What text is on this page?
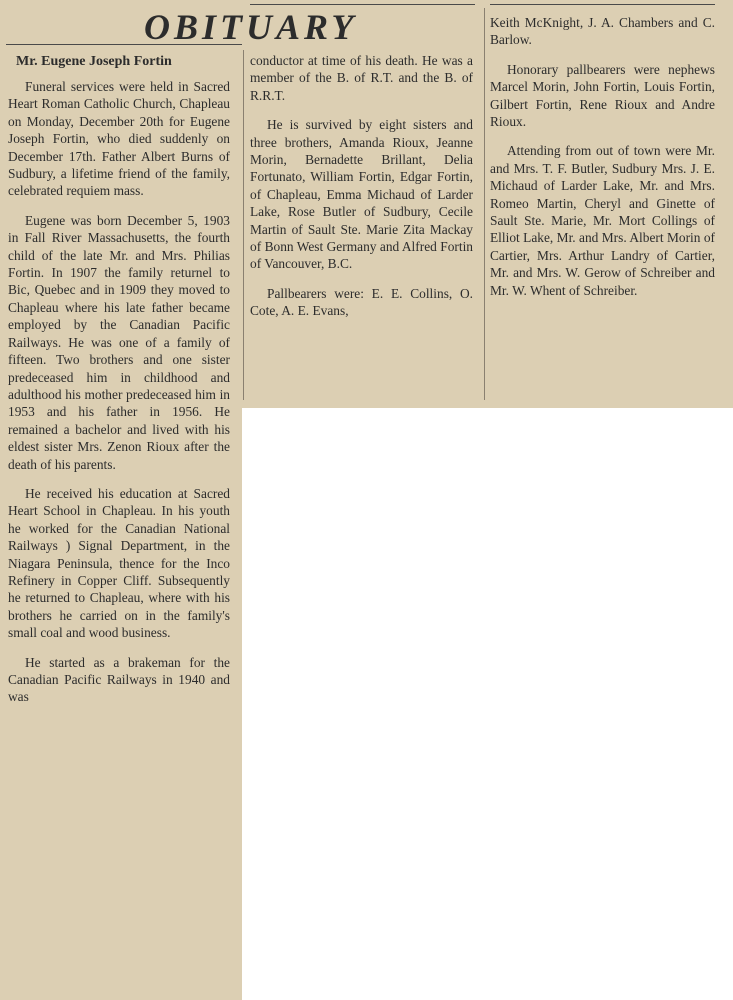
OBITUARY
Mr. Eugene Joseph Fortin

Funeral services were held in Sacred Heart Roman Catholic Church, Chapleau on Monday, December 20th for Eugene Joseph Fortin, who died suddenly on December 17th. Father Albert Burns of Sudbury, a lifetime friend of the family, celebrated requiem mass.

Eugene was born December 5, 1903 in Fall River Massachusetts, the fourth child of the late Mr. and Mrs. Philias Fortin. In 1907 the family returnel to Bic, Quebec and in 1909 they moved to Chapleau where his late father became employed by the Canadian Pacific Railways. He was one of a family of fifteen. Two brothers and one sister predeceased him in childhood and adulthood his mother predeceased him in 1953 and his father in 1956. He remained a bachelor and lived with his eldest sister Mrs. Zenon Rioux after the death of his parents.

He received his education at Sacred Heart School in Chapleau. In his youth he worked for the Canadian National Railways ) Signal Department, in the Niagara Peninsula, thence for the Inco Refinery in Copper Cliff. Subsequently he returned to Chapleau, where with his brothers he carried on in the family's small coal and wood business.

He started as a brakeman for the Canadian Pacific Railways in 1940 and was

conductor at time of his death. He was a member of the B. of R.T. and the B. of R.R.T.

He is survived by eight sisters and three brothers, Amanda Rioux, Jeanne Morin, Bernadette Brillant, Delia Fortunato, William Fortin, Edgar Fortin, of Chapleau, Emma Michaud of Larder Lake, Rose Butler of Sudbury, Cecile Martin of Sault Ste. Marie Zita Mackay of Bonn West Germany and Alfred Fortin of Vancouver, B.C.

Pallbearers were: E. E. Collins, O. Cote, A. E. Evans,

Keith McKnight, J. A. Chambers and C. Barlow.

Honorary pallbearers were nephews Marcel Morin, John Fortin, Louis Fortin, Gilbert Fortin, Rene Rioux and Andre Rioux.

Attending from out of town were Mr. and Mrs. T. F. Butler, Sudbury Mrs. J. E. Michaud of Larder Lake, Mr. and Mrs. Romeo Martin, Cheryl and Ginette of Sault Ste. Marie, Mr. Mort Collings of Elliot Lake, Mr. and Mrs. Albert Morin of Cartier, Mrs. Arthur Landry of Cartier, Mr. and Mrs. W. Gerow of Schreiber and Mr. W. Whent of Schreiber.
